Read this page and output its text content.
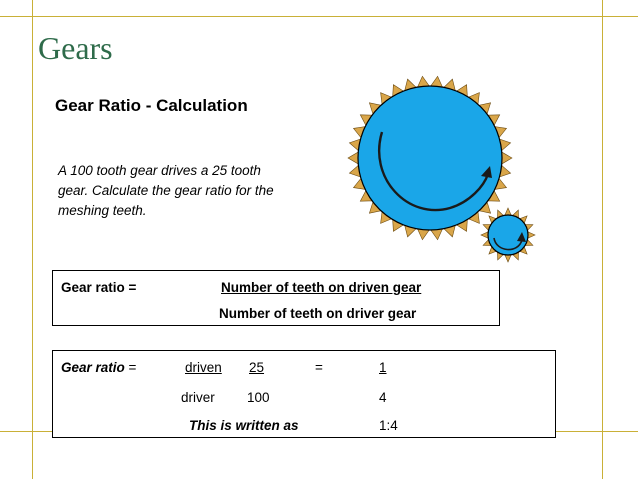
Gears
Gear Ratio - Calculation
A 100 tooth gear drives a 25 tooth gear. Calculate the gear ratio for the meshing teeth.
Gear ratio =	Number of teeth on driven gear
Number of teeth on driver gear
Gear ratio =	driven 25	=	1
driver 100	4
This is written as	1:4
